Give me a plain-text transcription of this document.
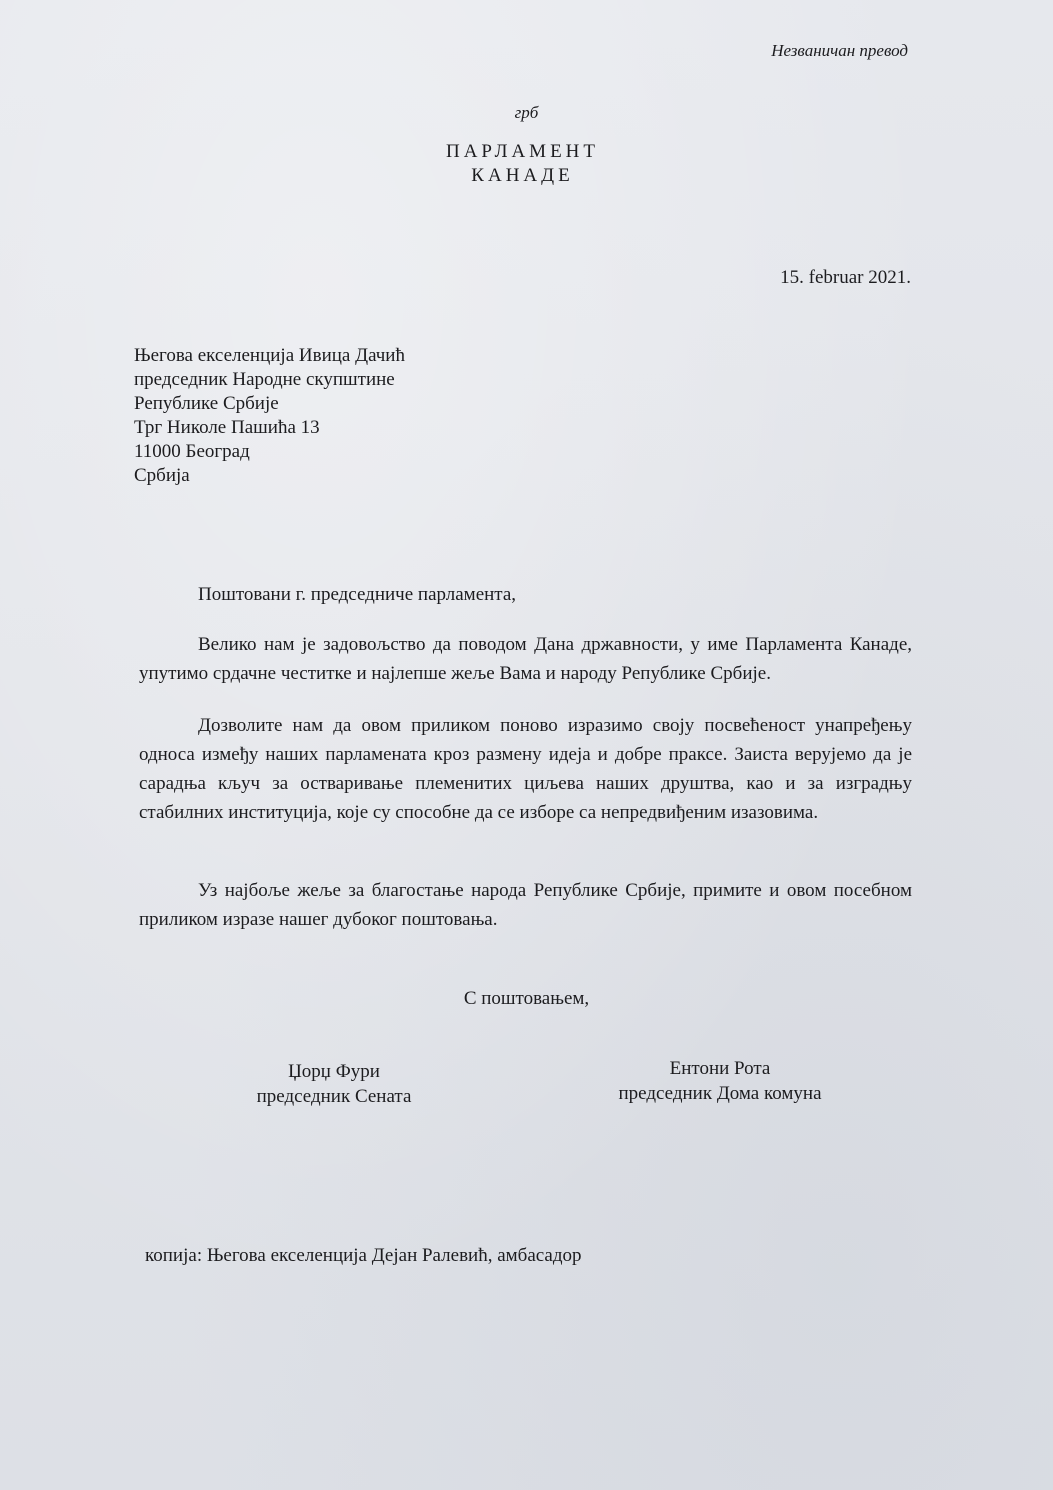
Незваничан превод
грб
ПАРЛАМЕНТ
КАНАДЕ
15. februar 2021.
Његова екселенција Ивица Дачић
председник Народне скупштине
Републике Србије
Трг Николе Пашића 13
11000 Београд
Србија
Поштовани г. председниче парламента,

Велико нам је задовољство да поводом Дана државности, у име Парламента Канаде, упутимо срдачне честитке и најлепше жеље Вама и народу Републике Србије.

Дозволите нам да овом приликом поново изразимо своју посвећеност унапређењу односа између наших парламената кроз размену идеја и добре праксе. Заиста верујемо да је сарадња кључ за остваривање племенитих циљева наших друштва, као и за изградњу стабилних институција, које су способне да се изборе са непредвиђеним изазовима.

Уз најбоље жеље за благостање народа Републике Србије, примите и овом посебном приликом изразе нашег дубоког поштовања.

С поштовањем,
Џорџ Фури
председник Сената
Ентони Рота
председник Дома комуна
копија: Његова екселенција Дејан Ралевић, амбасадор
